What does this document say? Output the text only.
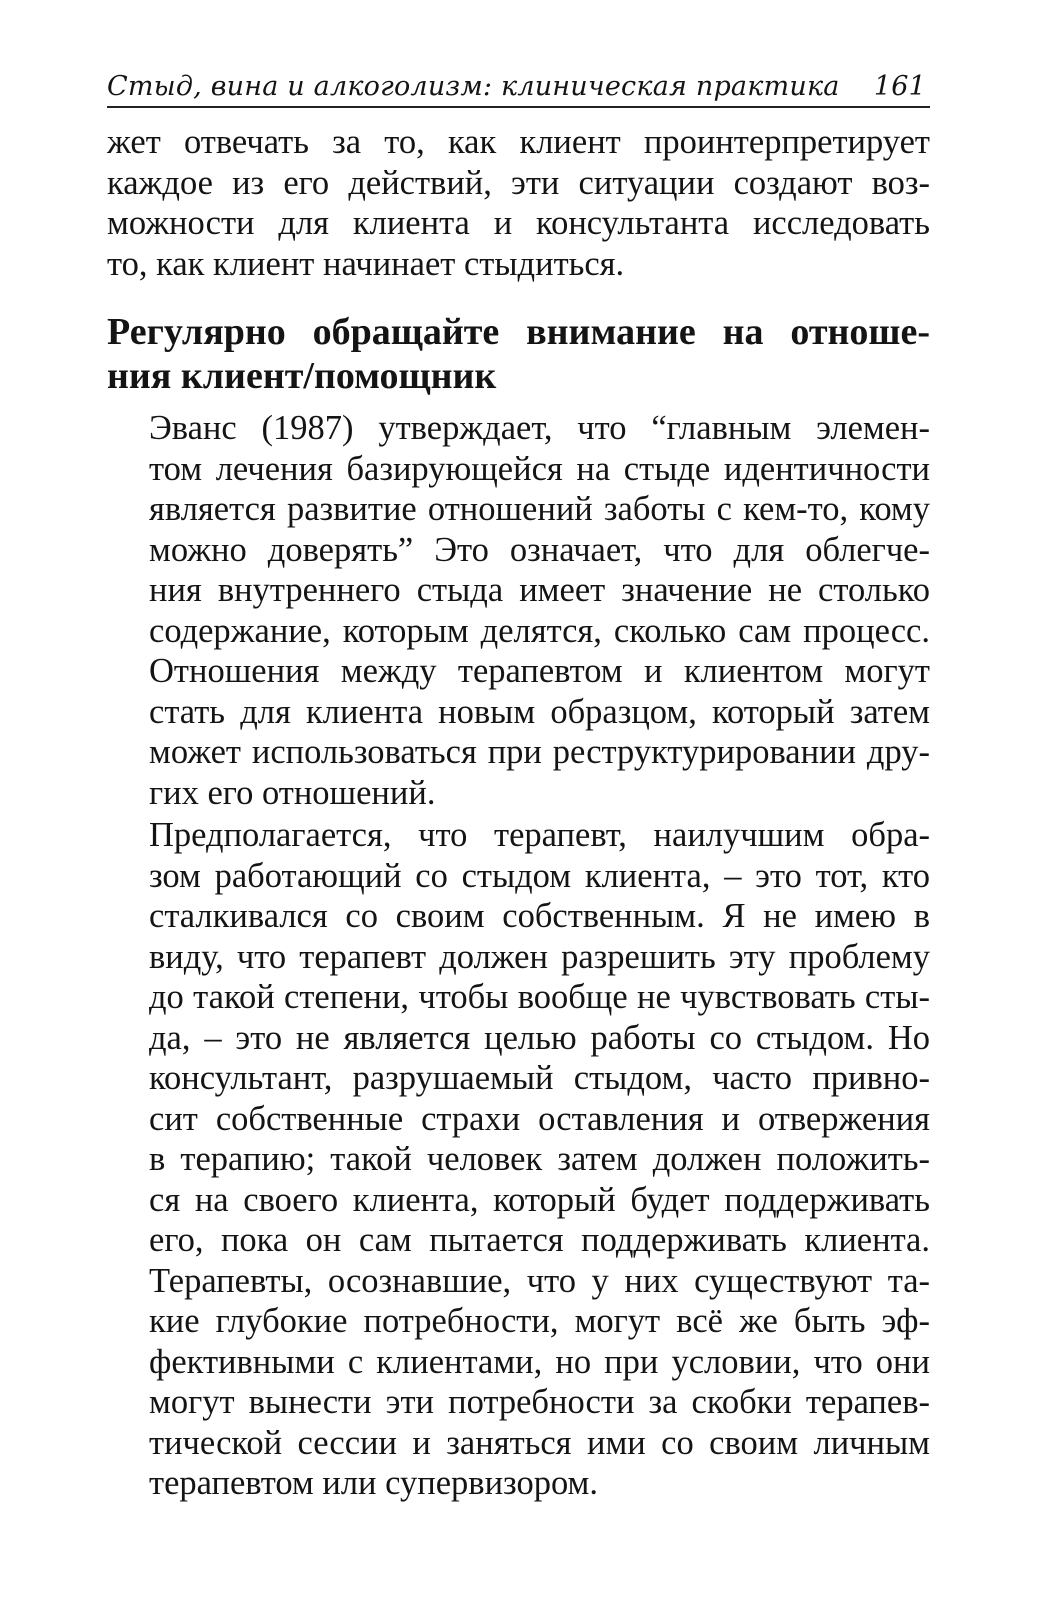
Стыд, вина и алкоголизм: клиническая практика 161

жет отвечать за то, как клиент проинтерпретирует
каждое из его действий, эти ситуации создают воз-
можности для клиента и консультанта исследовать
то, как клиент начинает стыдиться.

Регулярно обращайте внимание на отноше-
ния клиент/помощник

Эванс (1987) утверждает, что “главным элемен-
том лечения базирующейся на стыде идентичности
является развитие отношений заботы с кем-то, кому
можно доверять” Это означает, что для облегче-
ния внутреннего стыда имеет значение не столько
содержание, которым делятся, сколько сам процесс.
Отношения между терапевтом и клиентом могут
стать для клиента новым образцом, который затем
может использоваться при реструктурировании дру-
гих его отношений.

Предполагается, что терапевт, наилучшим обра-
зом работающий со стыдом клиента, – это тот, кто
сталкивался со своим собственным. Я не имею в
виду, что терапевт должен разрешить эту проблему
до такой степени, чтобы вообще не чувствовать сты-
да, – это не является целью работы со стыдом. Но
консультант, разрушаемый стыдом, часто привно-
сит собственные страхи оставления и отвержения
в терапию; такой человек затем должен положить-
ся на своего клиента, который будет поддерживать
его, пока он сам пытается поддерживать клиента.
Терапевты, осознавшие, что у них существуют та-
кие глубокие потребности, могут всё же быть эф-
фективными с клиентами, но при условии, что они
могут вынести эти потребности за скобки терапев-
тической сессии и заняться ими со своим личным
терапевтом или супервизором.
